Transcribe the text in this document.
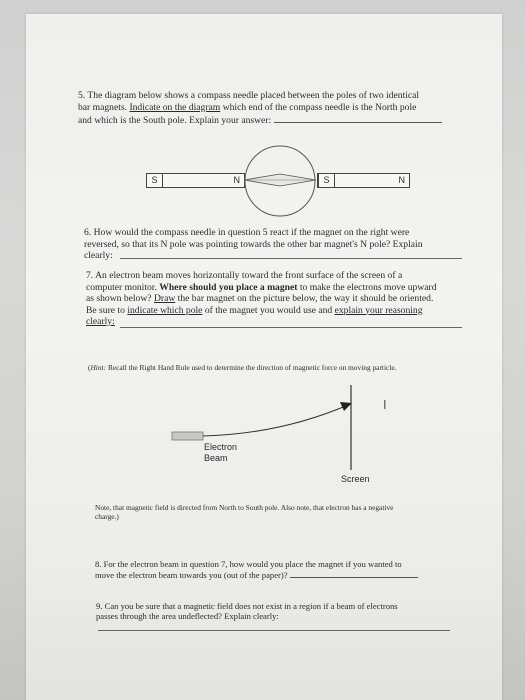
5. The diagram below shows a compass needle placed between the poles of two identical
bar magnets. Indicate on the diagram which end of the compass needle is the North pole
and which is the South pole. Explain your answer:
S	N	S	N
6. How would the compass needle in question 5 react if the magnet on the right were
reversed, so that its N pole was pointing towards the other bar magnet's N pole? Explain
clearly:
7. An electron beam moves horizontally toward the front surface of the screen of a
computer monitor. Where should you place a magnet to make the electrons move upward
as shown below? Draw the bar magnet on the picture below, the way it should be oriented.
Be sure to indicate which pole of the magnet you would use and explain your reasoning
clearly:
(Hint: Recall the Right Hand Rule used to determine the direction of magnetic force on moving particle.
I
Electron
Beam
Screen
Note, that magnetic field is directed from North to South pole. Also note, that electron has a negative
charge.)
8. For the electron beam in question 7, how would you place the magnet if you wanted to
move the electron beam towards you (out of the paper)?
9. Can you be sure that a magnetic field does not exist in a region if a beam of electrons
passes through the area undeflected? Explain clearly:
